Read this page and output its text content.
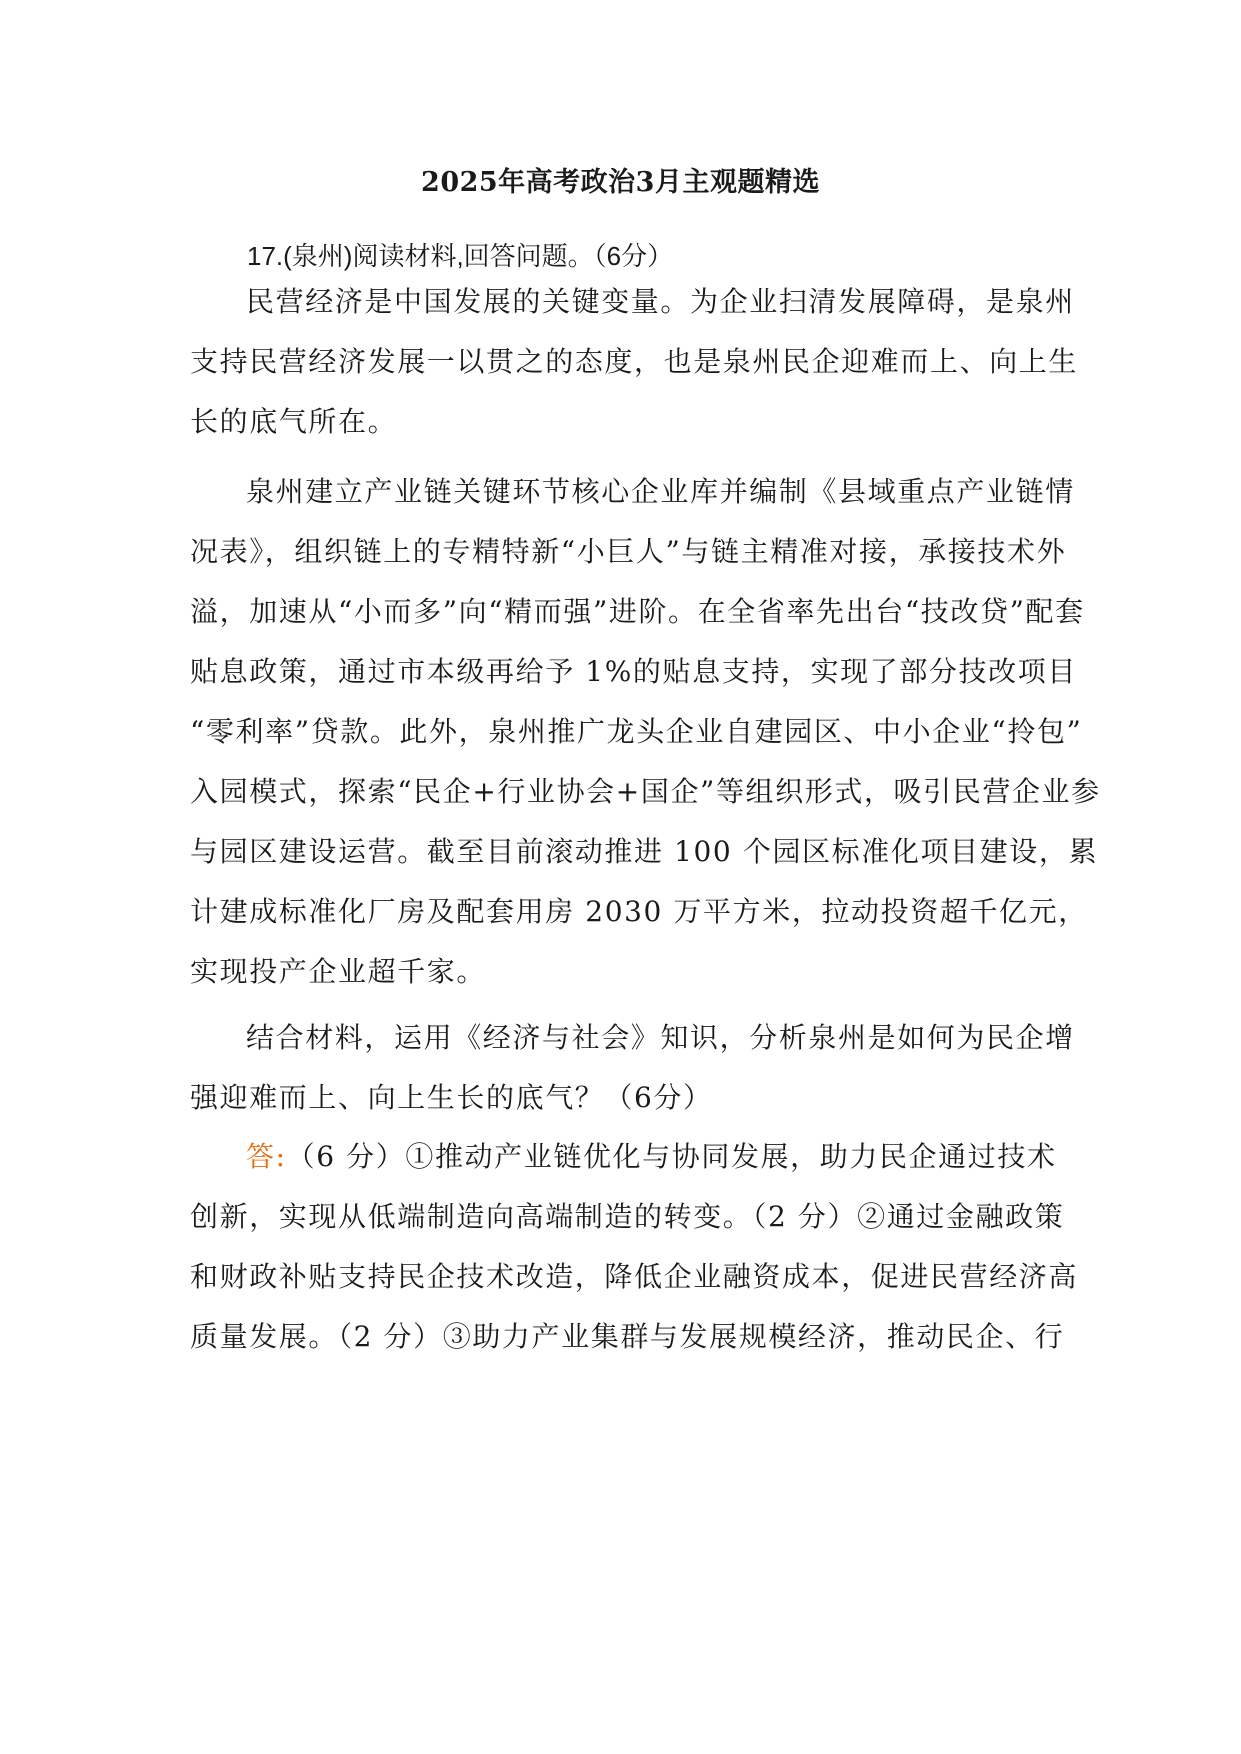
2025年高考政治3月主观题精选
17.(泉州)阅读材料,回答问题。（6分）
民营经济是中国发展的关键变量。为企业扫清发展障碍，是泉州
支持民营经济发展一以贯之的态度，也是泉州民企迎难而上、向上生
长的底气所在。
泉州建立产业链关键环节核心企业库并编制《县域重点产业链情
况表》，组织链上的专精特新“小巨人”与链主精准对接，承接技术外
溢，加速从“小而多”向“精而强”进阶。在全省率先出台“技改贷”配套
贴息政策，通过市本级再给予 1%的贴息支持，实现了部分技改项目
“零利率”贷款。此外，泉州推广龙头企业自建园区、中小企业“拎包”
入园模式，探索“民企+行业协会+国企”等组织形式，吸引民营企业参
与园区建设运营。截至目前滚动推进 100 个园区标准化项目建设，累
计建成标准化厂房及配套用房 2030 万平方米，拉动投资超千亿元，
实现投产企业超千家。
结合材料，运用《经济与社会》知识，分析泉州是如何为民企增
强迎难而上、向上生长的底气？（6分）
答:（6 分）①推动产业链优化与协同发展，助力民企通过技术
创新，实现从低端制造向高端制造的转变。（2 分）②通过金融政策
和财政补贴支持民企技术改造，降低企业融资成本，促进民营经济高
质量发展。（2 分）③助力产业集群与发展规模经济，推动民企、行
